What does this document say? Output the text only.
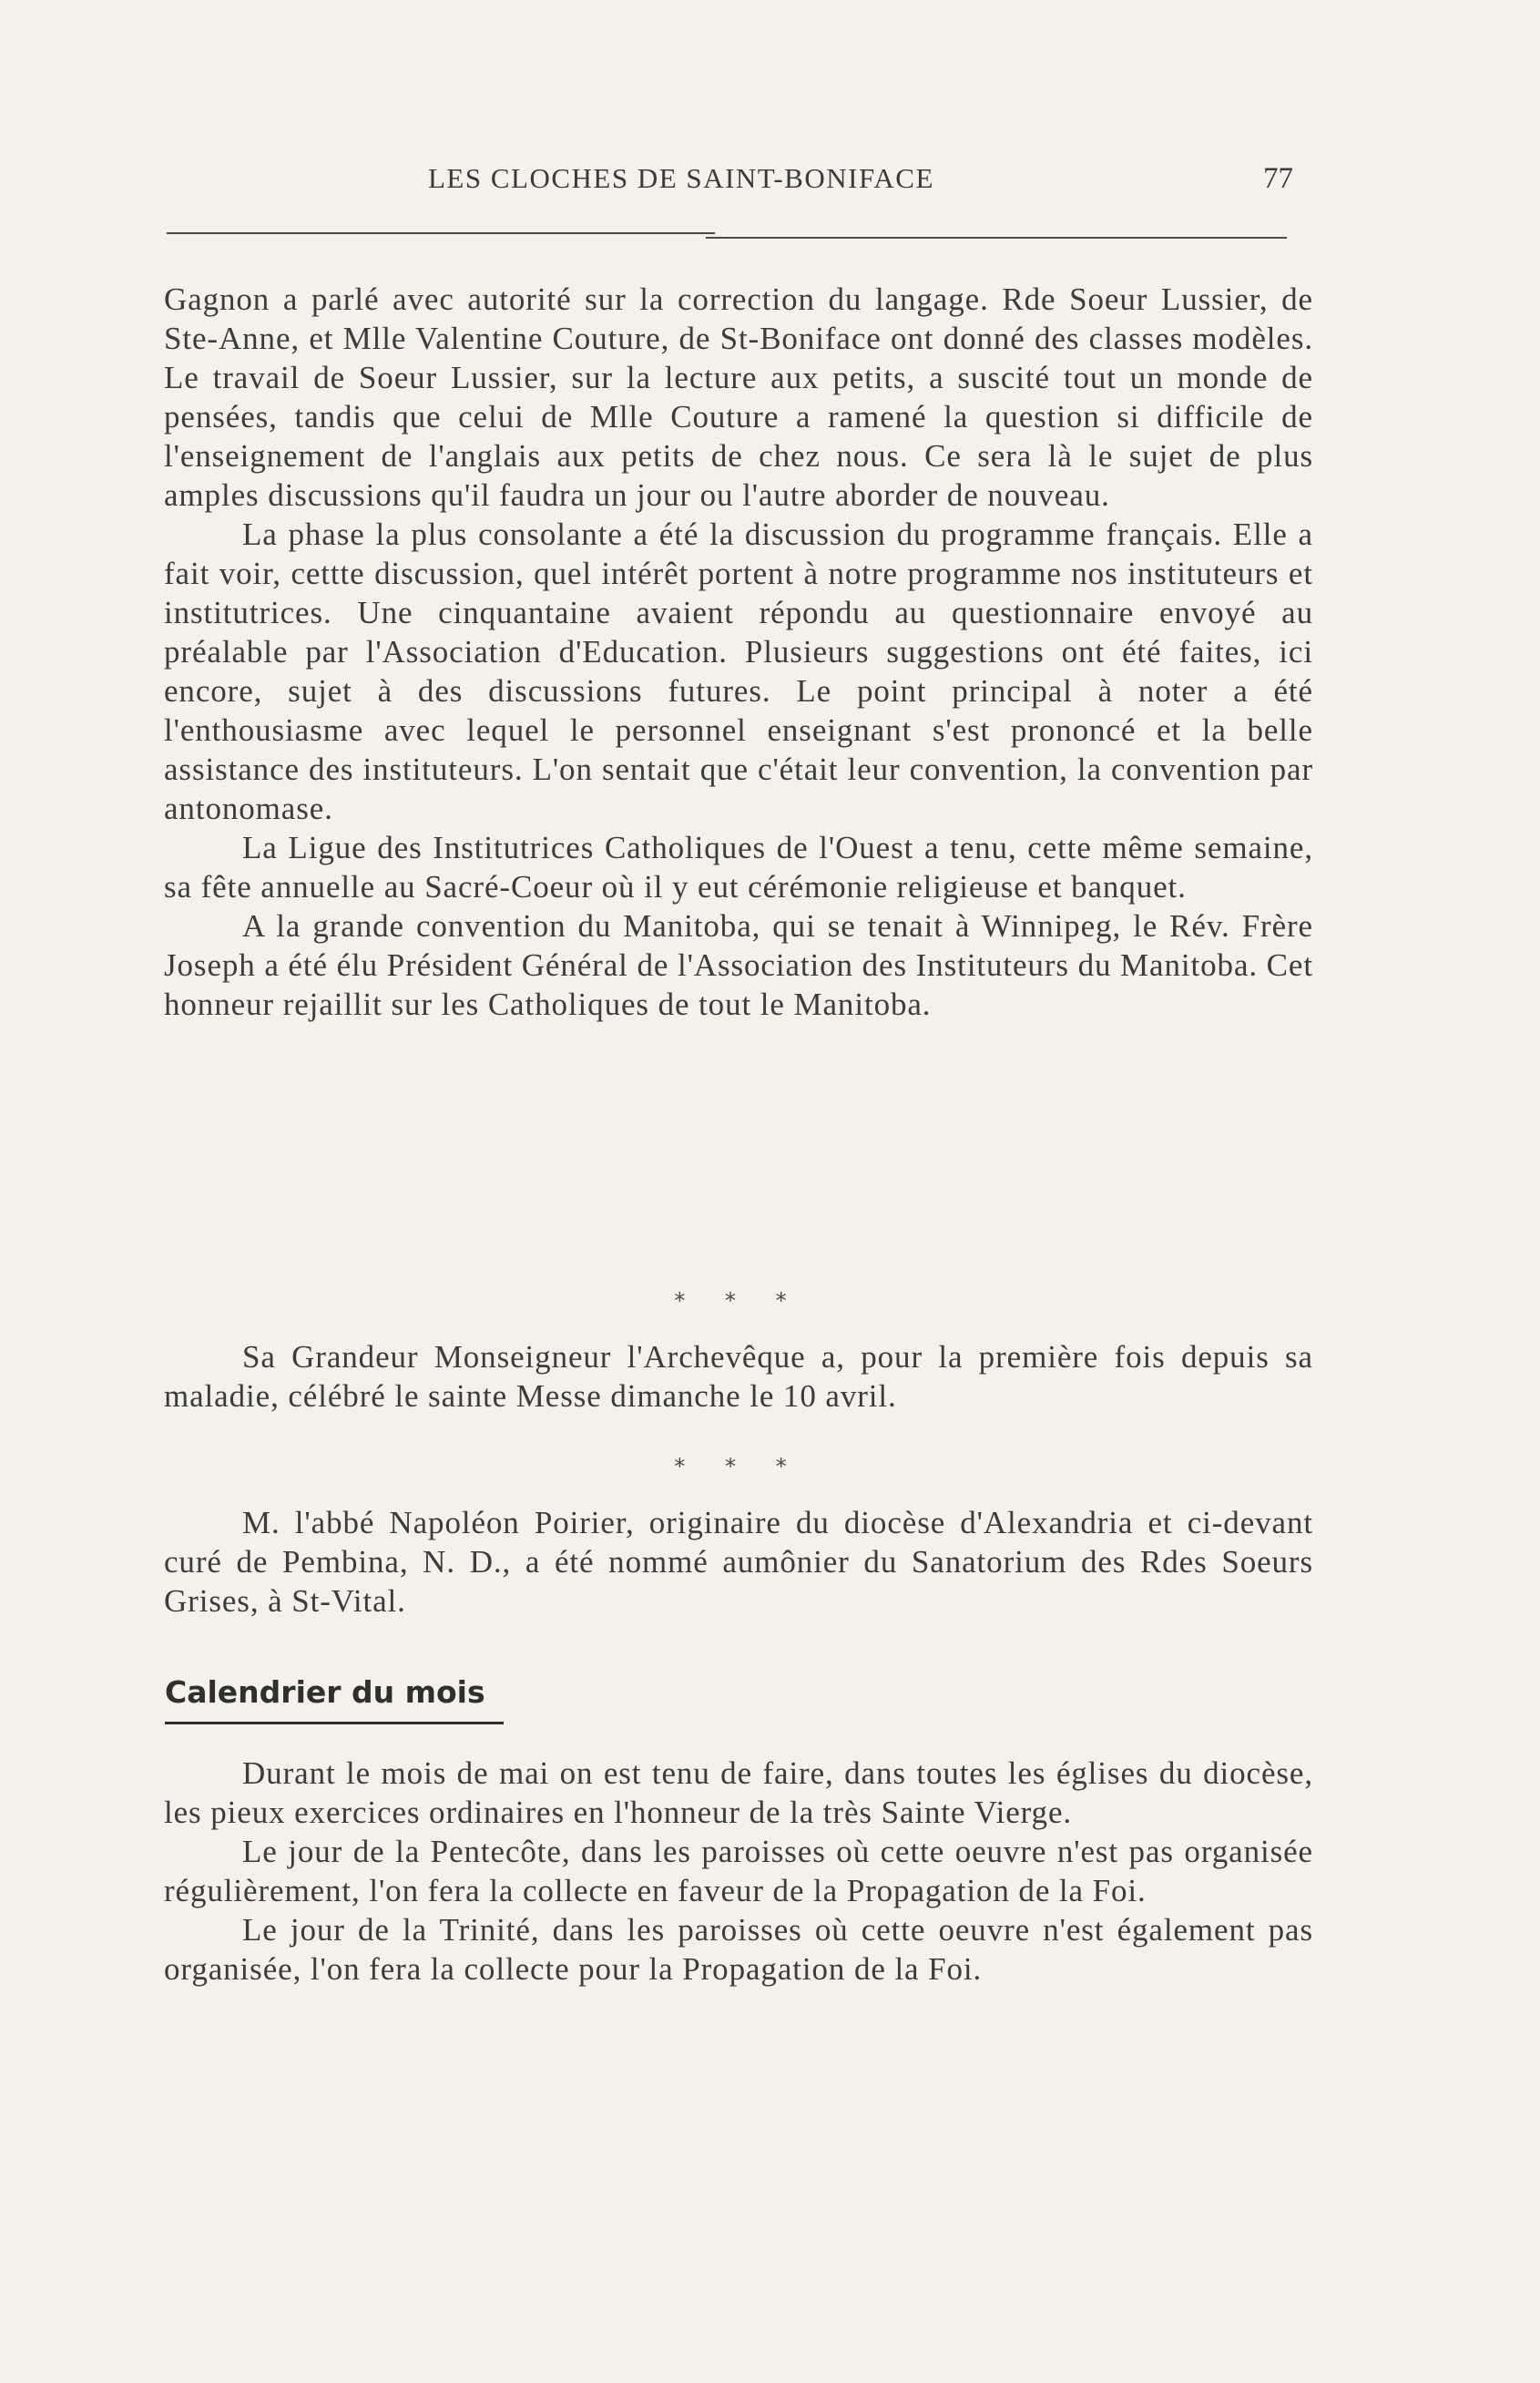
LES CLOCHES DE SAINT-BONIFACE	77

Gagnon a parlé avec autorité sur la correction du langage. Rde Soeur Lussier, de Ste-Anne, et Mlle Valentine Couture, de St-Boniface ont donné des classes modèles. Le travail de Soeur Lussier, sur la lecture aux petits, a suscité tout un monde de pensées, tandis que celui de Mlle Couture a ramené la question si difficile de l'enseignement de l'anglais aux petits de chez nous. Ce sera là le sujet de plus amples discussions qu'il faudra un jour ou l'autre aborder de nouveau.

La phase la plus consolante a été la discussion du programme français. Elle a fait voir, cettte discussion, quel intérêt portent à notre programme nos instituteurs et institutrices. Une cinquantaine avaient répondu au questionnaire envoyé au préalable par l'Association d'Education. Plusieurs suggestions ont été faites, ici encore, sujet à des discussions futures. Le point principal à noter a été l'enthousiasme avec lequel le personnel enseignant s'est prononcé et la belle assistance des instituteurs. L'on sentait que c'était leur convention, la convention par antonomase.

La Ligue des Institutrices Catholiques de l'Ouest a tenu, cette même semaine, sa fête annuelle au Sacré-Coeur où il y eut cérémonie religieuse et banquet.

A la grande convention du Manitoba, qui se tenait à Winnipeg, le Rév. Frère Joseph a été élu Président Général de l'Association des Instituteurs du Manitoba. Cet honneur rejaillit sur les Catholiques de tout le Manitoba.

* * *

Sa Grandeur Monseigneur l'Archevêque a, pour la première fois depuis sa maladie, célébré le sainte Messe dimanche le 10 avril.

* * *

M. l'abbé Napoléon Poirier, originaire du diocèse d'Alexandria et ci-devant curé de Pembina, N. D., a été nommé aumônier du Sanatorium des Rdes Soeurs Grises, à St-Vital.

Calendrier du mois

Durant le mois de mai on est tenu de faire, dans toutes les églises du diocèse, les pieux exercices ordinaires en l'honneur de la très Sainte Vierge.

Le jour de la Pentecôte, dans les paroisses où cette oeuvre n'est pas organisée régulièrement, l'on fera la collecte en faveur de la Propagation de la Foi.

Le jour de la Trinité, dans les paroisses où cette oeuvre n'est également pas organisée, l'on fera la collecte pour la Propagation de la Foi.
